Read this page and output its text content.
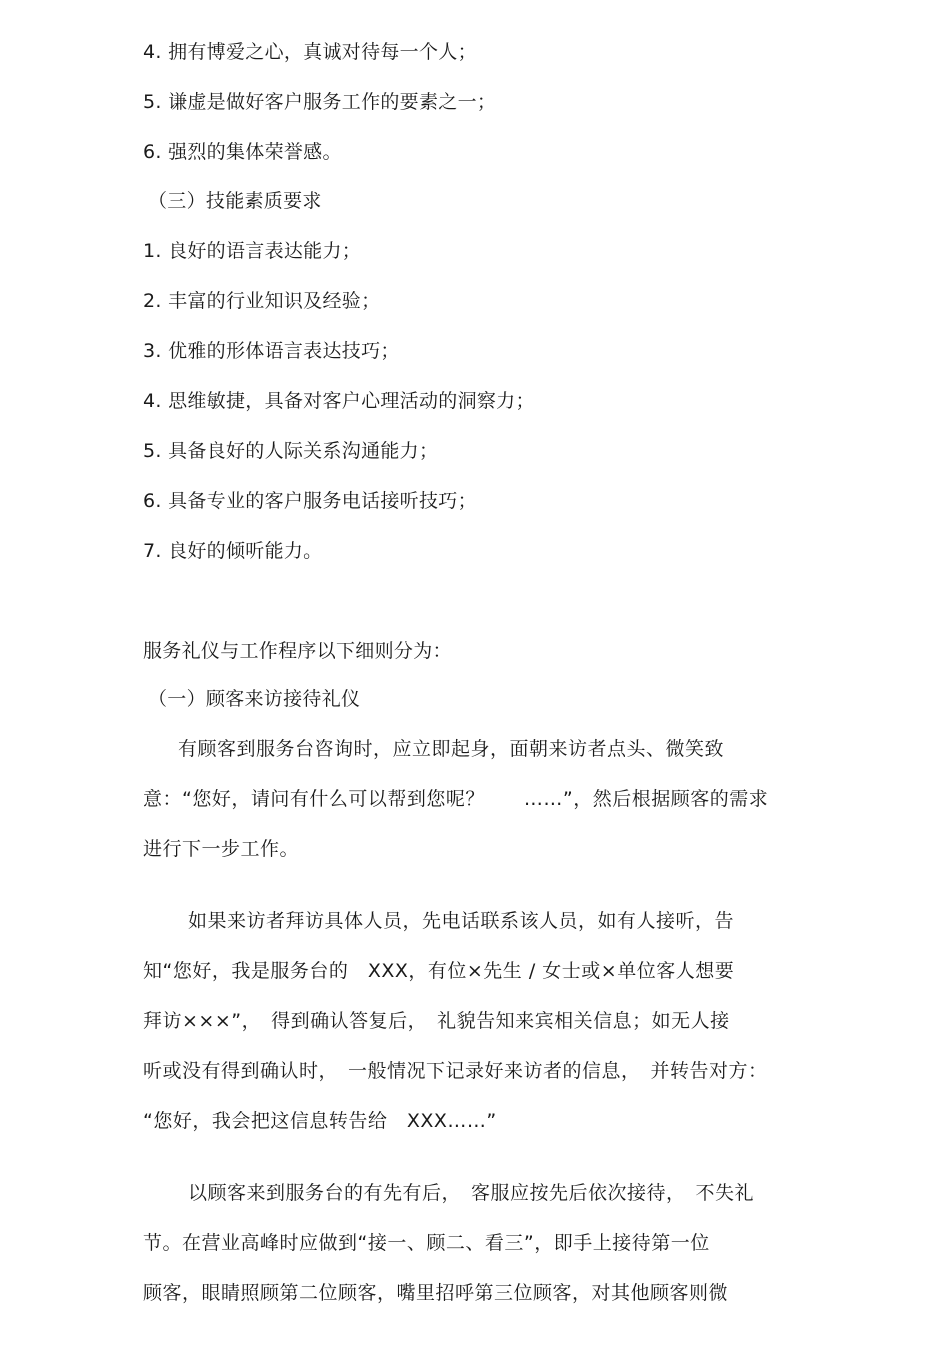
4. 拥有博爱之心，真诚对待每一个人；
5. 谦虚是做好客户服务工作的要素之一；
6. 强烈的集体荣誉感。
（三）技能素质要求
1. 良好的语言表达能力；
2. 丰富的行业知识及经验；
3. 优雅的形体语言表达技巧；
4. 思维敏捷，具备对客户心理活动的洞察力；
5. 具备良好的人际关系沟通能力；
6. 具备专业的客户服务电话接听技巧；
7. 良好的倾听能力。
服务礼仪与工作程序以下细则分为：
（一）顾客来访接待礼仪
有顾客到服务台咨询时，应立即起身，面朝来访者点头、微笑致
意：“您好，请问有什么可以帮到您呢？　　……”，然后根据顾客的需求
进行下一步工作。
如果来访者拜访具体人员，先电话联系该人员，如有人接听，告
知“您好，我是服务台的　XXX，有位×先生 / 女士或×单位客人想要
拜访×××”，　得到确认答复后，　礼貌告知来宾相关信息；如无人接
听或没有得到确认时，　一般情况下记录好来访者的信息，　并转告对方：
“您好，我会把这信息转告给　XXX……”
以顾客来到服务台的有先有后，　客服应按先后依次接待，　不失礼
节。在营业高峰时应做到“接一、顾二、看三”，即手上接待第一位
顾客，眼睛照顾第二位顾客，嘴里招呼第三位顾客，对其他顾客则微
